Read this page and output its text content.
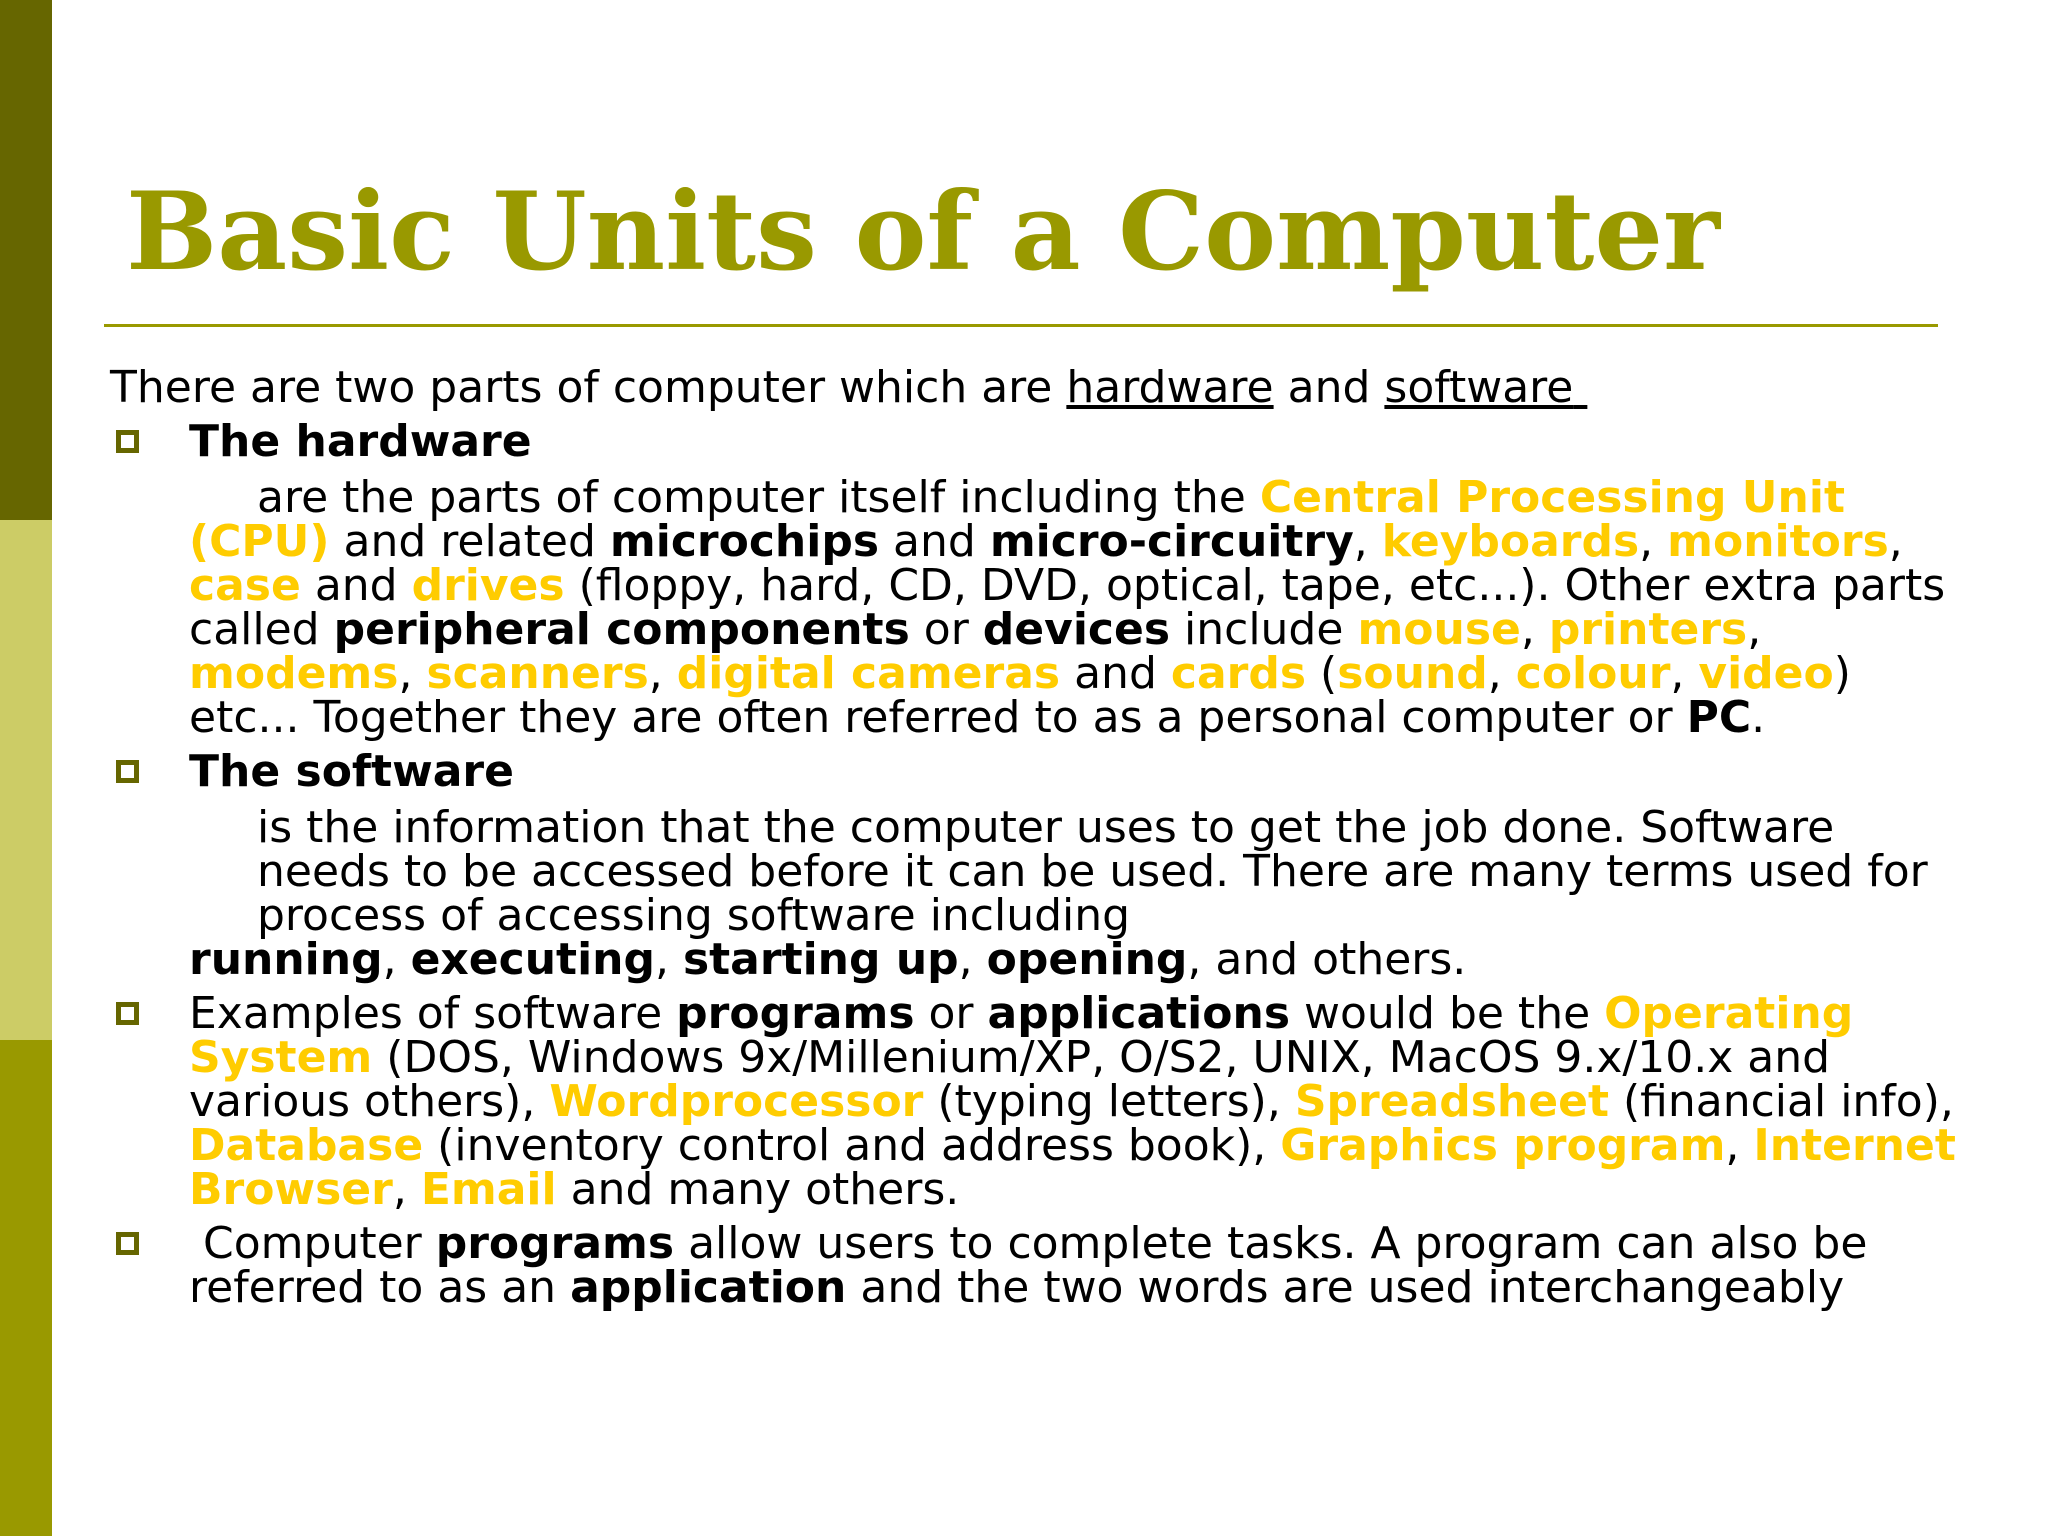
Basic Units of a Computer

There are two parts of computer which are hardware and software

The hardware

are the parts of computer itself including the Central Processing Unit (CPU) and related microchips and micro-circuitry, keyboards, monitors, case and drives (floppy, hard, CD, DVD, optical, tape, etc...). Other extra parts called peripheral components or devices include mouse, printers, modems, scanners, digital cameras and cards (sound, colour, video) etc... Together they are often referred to as a personal computer or PC.

The software

is the information that the computer uses to get the job done. Software needs to be accessed before it can be used. There are many terms used for process of accessing software including running, executing, starting up, opening, and others.

Examples of software programs or applications would be the Operating System (DOS, Windows 9x/Millenium/XP, O/S2, UNIX, MacOS 9.x/10.x and various others), Wordprocessor (typing letters), Spreadsheet (financial info), Database (inventory control and address book), Graphics program, Internet Browser, Email and many others.

Computer programs allow users to complete tasks. A program can also be referred to as an application and the two words are used interchangeably
